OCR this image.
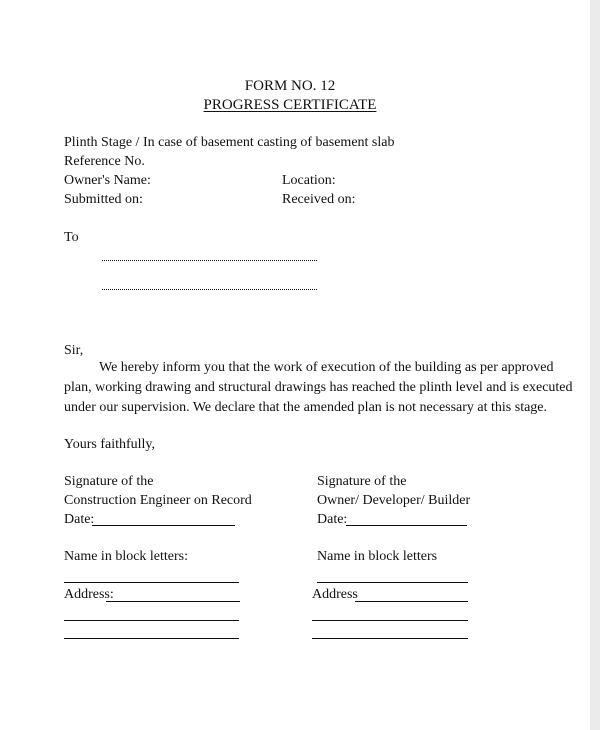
FORM NO. 12
PROGRESS CERTIFICATE
Plinth Stage / In case of basement casting of basement slab
Reference No.
Owner's Name:	Location:
Submitted on:	Received on:
To
Sir,
We hereby inform you that the work of execution of the building as per approved
plan, working drawing and structural drawings has reached the plinth level and is executed
under our supervision. We declare that the amended plan is not necessary at this stage.
Yours faithfully,
Signature of the
Construction Engineer on Record
Date:
Name in block letters:
Address:
Signature of the
Owner/ Developer/ Builder
Date:
Name in block letters
Address
